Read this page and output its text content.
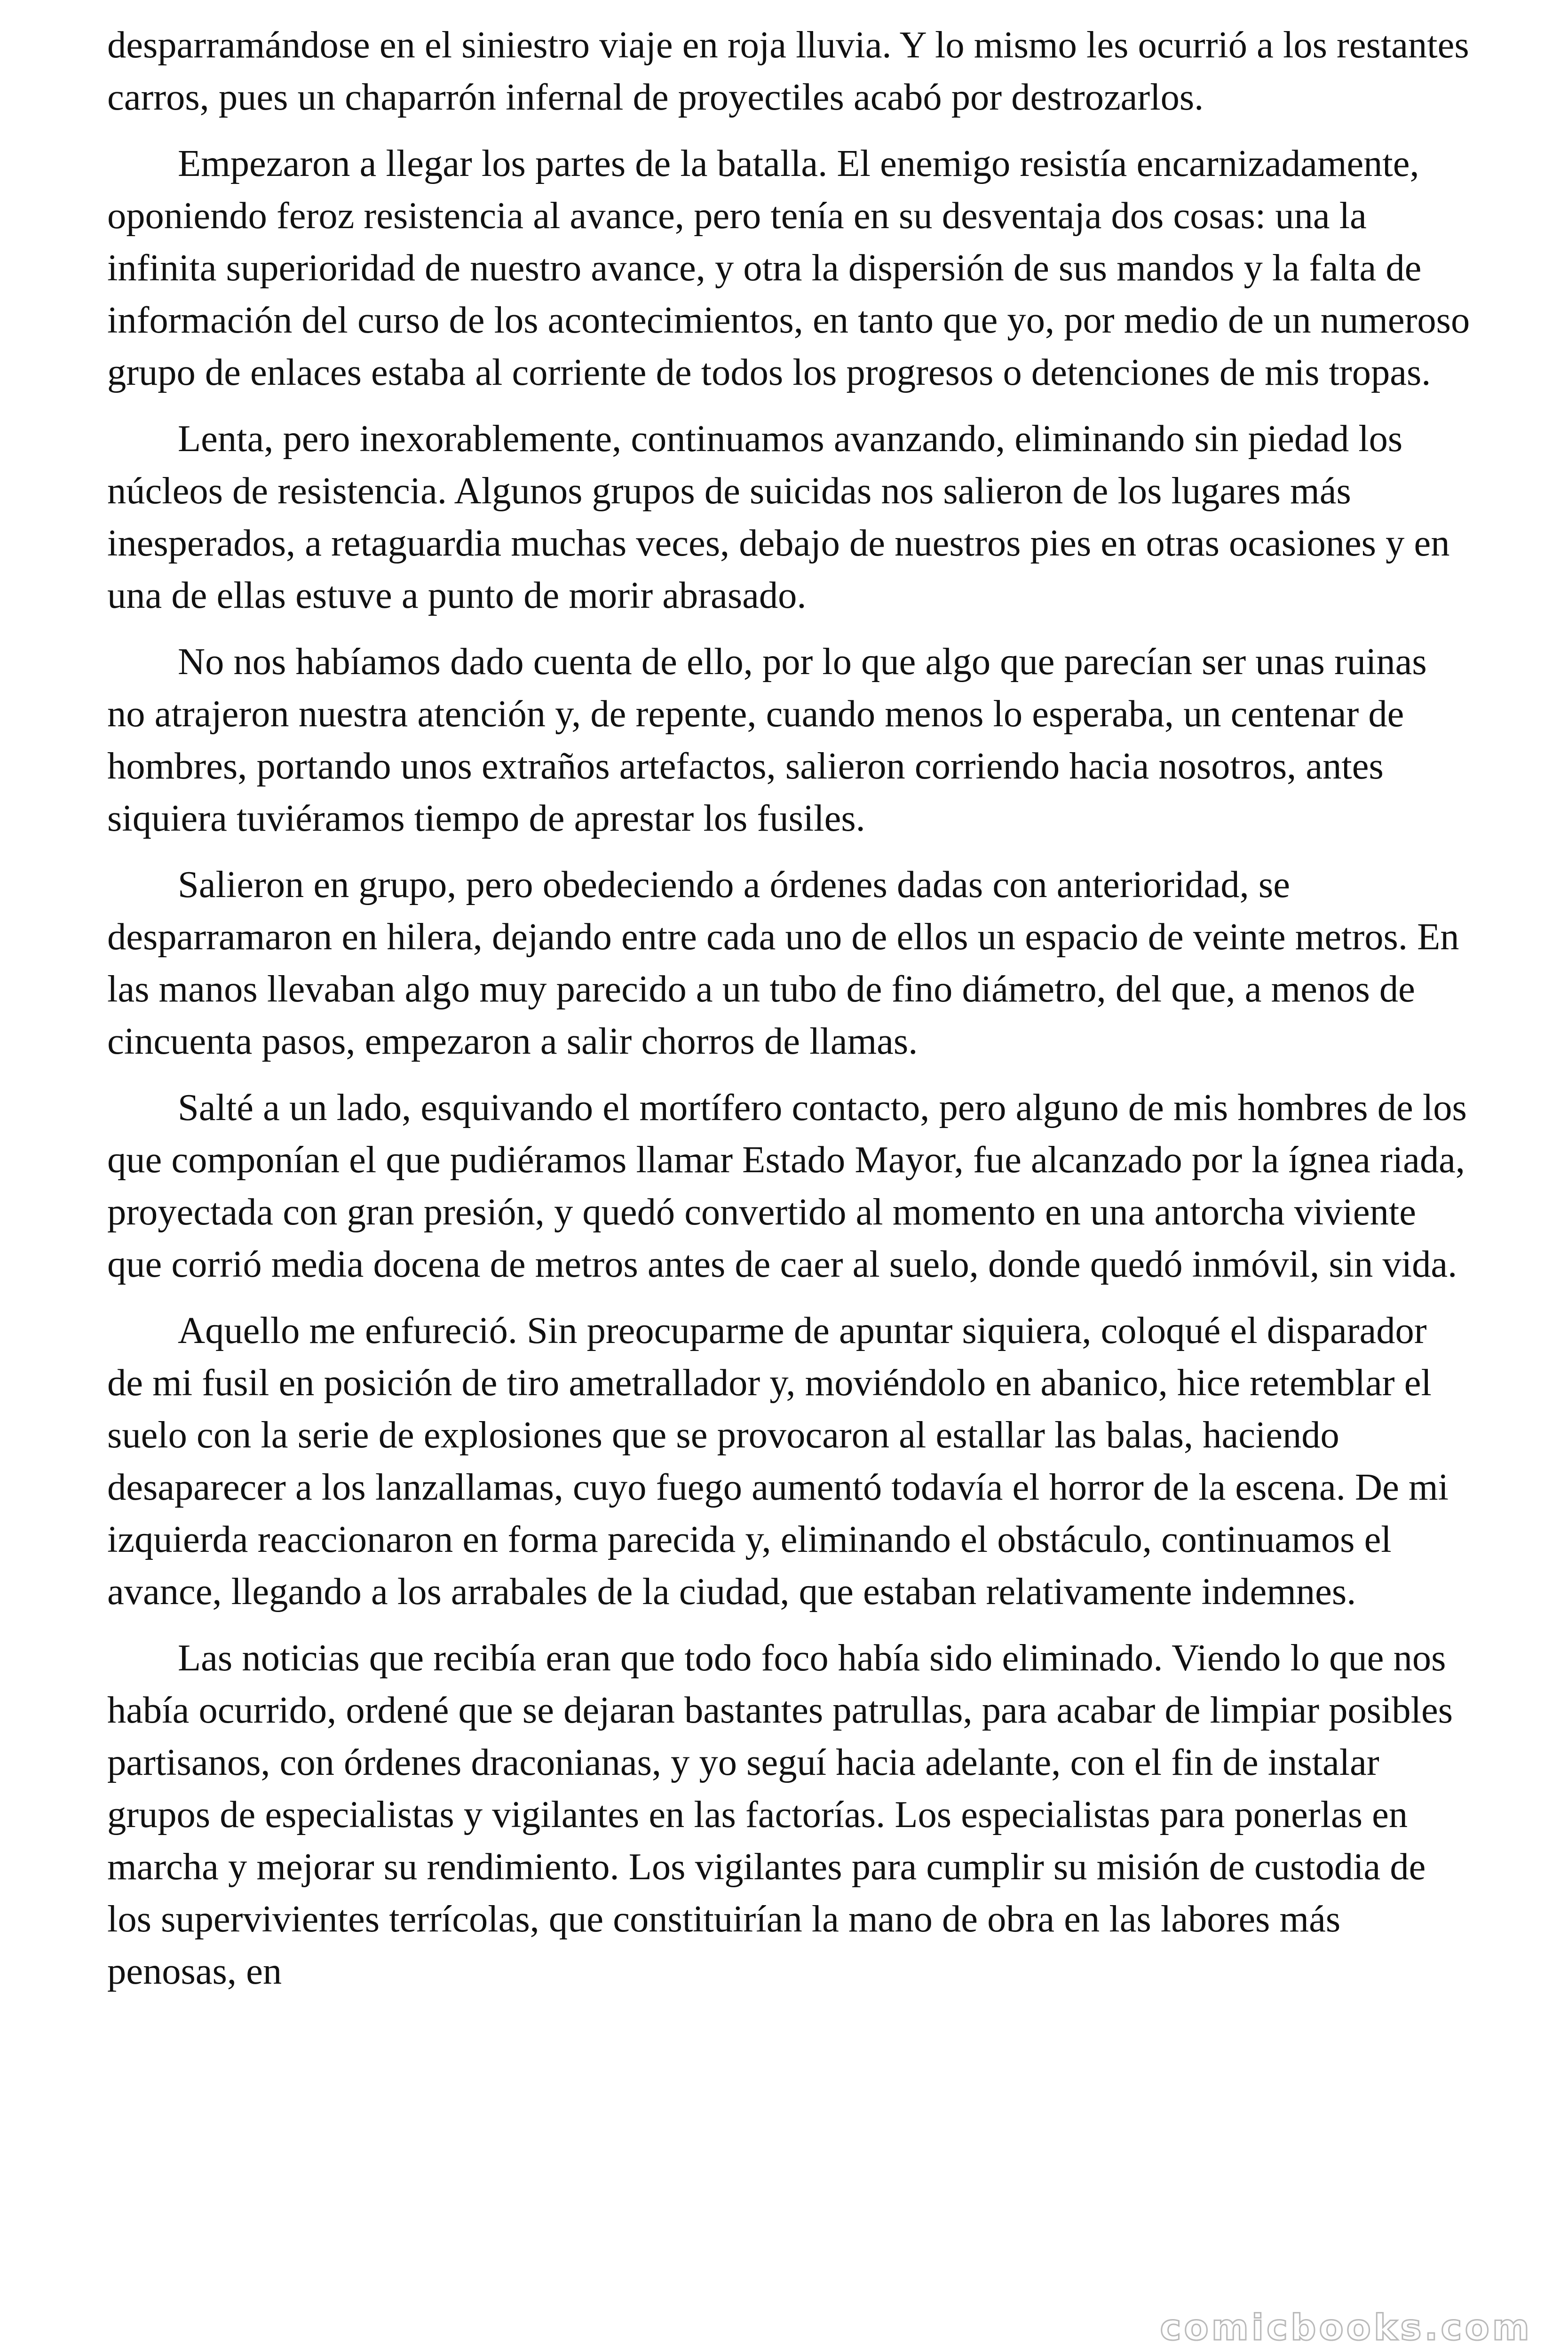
desparramándose en el siniestro viaje en roja lluvia. Y lo mismo les ocurrió a los restantes carros, pues un chaparrón infernal de proyectiles acabó por destrozarlos.

Empezaron a llegar los partes de la batalla. El enemigo resistía encarnizadamente, oponiendo feroz resistencia al avance, pero tenía en su desventaja dos cosas: una la infinita superioridad de nuestro avance, y otra la dispersión de sus mandos y la falta de información del curso de los acontecimientos, en tanto que yo, por medio de un numeroso grupo de enlaces estaba al corriente de todos los progresos o detenciones de mis tropas.

Lenta, pero inexorablemente, continuamos avanzando, eliminando sin piedad los núcleos de resistencia. Algunos grupos de suicidas nos salieron de los lugares más inesperados, a retaguardia muchas veces, debajo de nuestros pies en otras ocasiones y en una de ellas estuve a punto de morir abrasado.

No nos habíamos dado cuenta de ello, por lo que algo que parecían ser unas ruinas no atrajeron nuestra atención y, de repente, cuando menos lo esperaba, un centenar de hombres, portando unos extraños artefactos, salieron corriendo hacia nosotros, antes siquiera tuviéramos tiempo de aprestar los fusiles.

Salieron en grupo, pero obedeciendo a órdenes dadas con anterioridad, se desparramaron en hilera, dejando entre cada uno de ellos un espacio de veinte metros. En las manos llevaban algo muy parecido a un tubo de fino diámetro, del que, a menos de cincuenta pasos, empezaron a salir chorros de llamas.

Salté a un lado, esquivando el mortífero contacto, pero alguno de mis hombres de los que componían el que pudiéramos llamar Estado Mayor, fue alcanzado por la ígnea riada, proyectada con gran presión, y quedó convertido al momento en una antorcha viviente que corrió media docena de metros antes de caer al suelo, donde quedó inmóvil, sin vida.

Aquello me enfureció. Sin preocuparme de apuntar siquiera, coloqué el disparador de mi fusil en posición de tiro ametrallador y, moviéndolo en abanico, hice retemblar el suelo con la serie de explosiones que se provocaron al estallar las balas, haciendo desaparecer a los lanzallamas, cuyo fuego aumentó todavía el horror de la escena. De mi izquierda reaccionaron en forma parecida y, eliminando el obstáculo, continuamos el avance, llegando a los arrabales de la ciudad, que estaban relativamente indemnes.

Las noticias que recibía eran que todo foco había sido eliminado. Viendo lo que nos había ocurrido, ordené que se dejaran bastantes patrullas, para acabar de limpiar posibles partisanos, con órdenes draconianas, y yo seguí hacia adelante, con el fin de instalar grupos de especialistas y vigilantes en las factorías. Los especialistas para ponerlas en marcha y mejorar su rendimiento. Los vigilantes para cumplir su misión de custodia de los supervivientes terrícolas, que constituirían la mano de obra en las labores más penosas, en

comicbooks.com
